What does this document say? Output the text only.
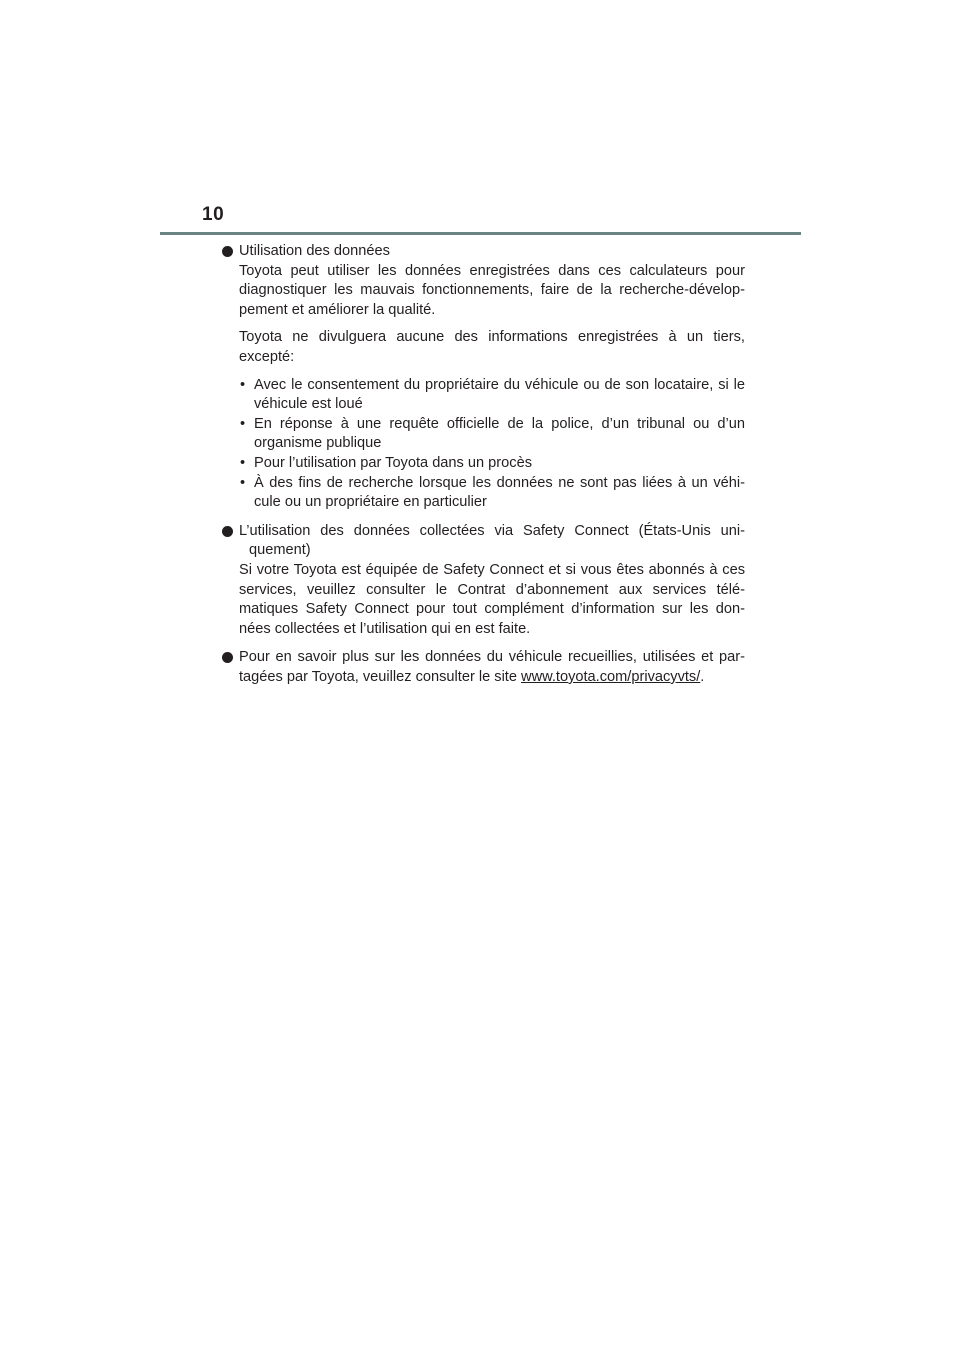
10
Utilisation des données

Toyota peut utiliser les données enregistrées dans ces calculateurs pour diagnostiquer les mauvais fonctionnements, faire de la recherche-dévelop-pement et améliorer la qualité.

Toyota ne divulguera aucune des informations enregistrées à un tiers, excepté:

• Avec le consentement du propriétaire du véhicule ou de son locataire, si le véhicule est loué
• En réponse à une requête officielle de la police, d’un tribunal ou d’un organisme publique
• Pour l’utilisation par Toyota dans un procès
• À des fins de recherche lorsque les données ne sont pas liées à un véhi-cule ou un propriétaire en particulier
L’utilisation des données collectées via Safety Connect (États-Unis uni-quement)

Si votre Toyota est équipée de Safety Connect et si vous êtes abonnés à ces services, veuillez consulter le Contrat d’abonnement aux services télé-matiques Safety Connect pour tout complément d’information sur les don-nées collectées et l’utilisation qui en est faite.

Pour en savoir plus sur les données du véhicule recueillies, utilisées et par-tagées par Toyota, veuillez consulter le site www.toyota.com/privacyvts/.
